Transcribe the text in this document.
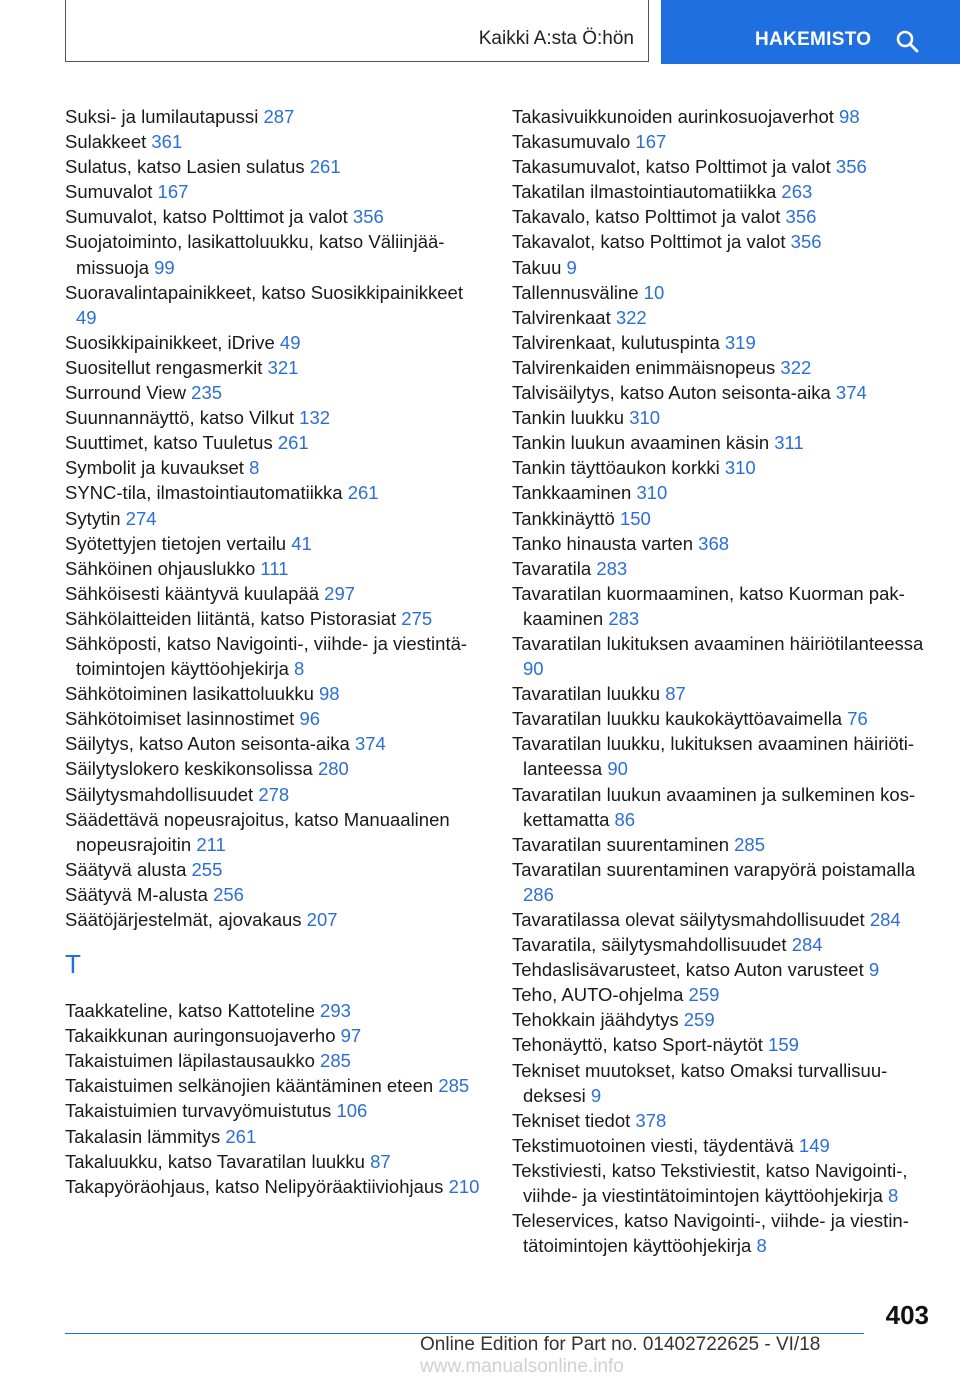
Kaikki A:sta Ö:hön	HAKEMISTO
Suksi- ja lumilautapussi 287
Sulakkeet 361
Sulatus, katso Lasien sulatus 261
Sumuvalot 167
Sumuvalot, katso Polttimot ja valot 356
Suojatoiminto, lasikattoluukku, katso Väliinjäämissuoja 99
Suoravalintapainikkeet, katso Suosikkipainikkeet 49
Suosikkipainikkeet, iDrive 49
Suositellut rengasmerkit 321
Surround View 235
Suunnannäyttö, katso Vilkut 132
Suuttimet, katso Tuuletus 261
Symbolit ja kuvaukset 8
SYNC-tila, ilmastointiautomatiikka 261
Sytytin 274
Syötettyjen tietojen vertailu 41
Sähköinen ohjauslukko 111
Sähköisesti kääntyvä kuulapää 297
Sähkölaitteiden liitäntä, katso Pistorasiat 275
Sähköposti, katso Navigointi-, viihde- ja viestintätoimintojen käyttöohjekirja 8
Sähkötoiminen lasikattoluukku 98
Sähkötoimiset lasinnostimet 96
Säilytys, katso Auton seisonta-aika 374
Säilytyslokero keskikonsolissa 280
Säilytysmahdollisuudet 278
Säädettävä nopeusrajoitus, katso Manuaalinen nopeusrajoitin 211
Säätyvä alusta 255
Säätyvä M-alusta 256
Säätöjärjestelmät, ajovakaus 207
T
Taakkateline, katso Kattoteline 293
Takaikkunan auringonsuojaverho 97
Takaistuimen läpilastausaukko 285
Takaistuimen selkänojien kääntäminen eteen 285
Takaistuimien turvavyömuistutus 106
Takalasin lämmitys 261
Takaluukku, katso Tavaratilan luukku 87
Takapyöräohjaus, katso Nelipyöräaktiiviohjaus 210
Takasivuikkunoiden aurinkosuojaverhot 98
Takasumuvalo 167
Takasumuvalot, katso Polttimot ja valot 356
Takatilan ilmastointiautomatiikka 263
Takavalo, katso Polttimot ja valot 356
Takavalot, katso Polttimot ja valot 356
Takuu 9
Tallennusväline 10
Talvirenkaat 322
Talvirenkaat, kulutuspinta 319
Talvirenkaiden enimmäisnopeus 322
Talvisäilytys, katso Auton seisonta-aika 374
Tankin luukku 310
Tankin luukun avaaminen käsin 311
Tankin täyttöaukon korkki 310
Tankkaaminen 310
Tankkinäyttö 150
Tanko hinausta varten 368
Tavaratila 283
Tavaratilan kuormaaminen, katso Kuorman pakkaaminen 283
Tavaratilan lukituksen avaaminen häiriötilanteessa 90
Tavaratilan luukku 87
Tavaratilan luukku kaukokäyttöavaimella 76
Tavaratilan luukku, lukituksen avaaminen häiriötilanteessa 90
Tavaratilan luukun avaaminen ja sulkeminen koskettamatta 86
Tavaratilan suurentaminen 285
Tavaratilan suurentaminen varapyörä poistamalla 286
Tavaratilassa olevat säilytysmahdollisuudet 284
Tavaratila, säilytysmahdollisuudet 284
Tehdaslisävarusteet, katso Auton varusteet 9
Teho, AUTO-ohjelma 259
Tehokkain jäähdytys 259
Tehonäyttö, katso Sport-näytöt 159
Tekniset muutokset, katso Omaksi turvallisuudeksesi 9
Tekniset tiedot 378
Tekstimuotoinen viesti, täydentävä 149
Tekstiviesti, katso Tekstiviestit, katso Navigointi-, viihde- ja viestintätoimintojen käyttöohjekirja 8
Teleservices, katso Navigointi-, viihde- ja viestintätoimintojen käyttöohjekirja 8
403
Online Edition for Part no. 01402722625 - VI/18 www.manualsonline.info
